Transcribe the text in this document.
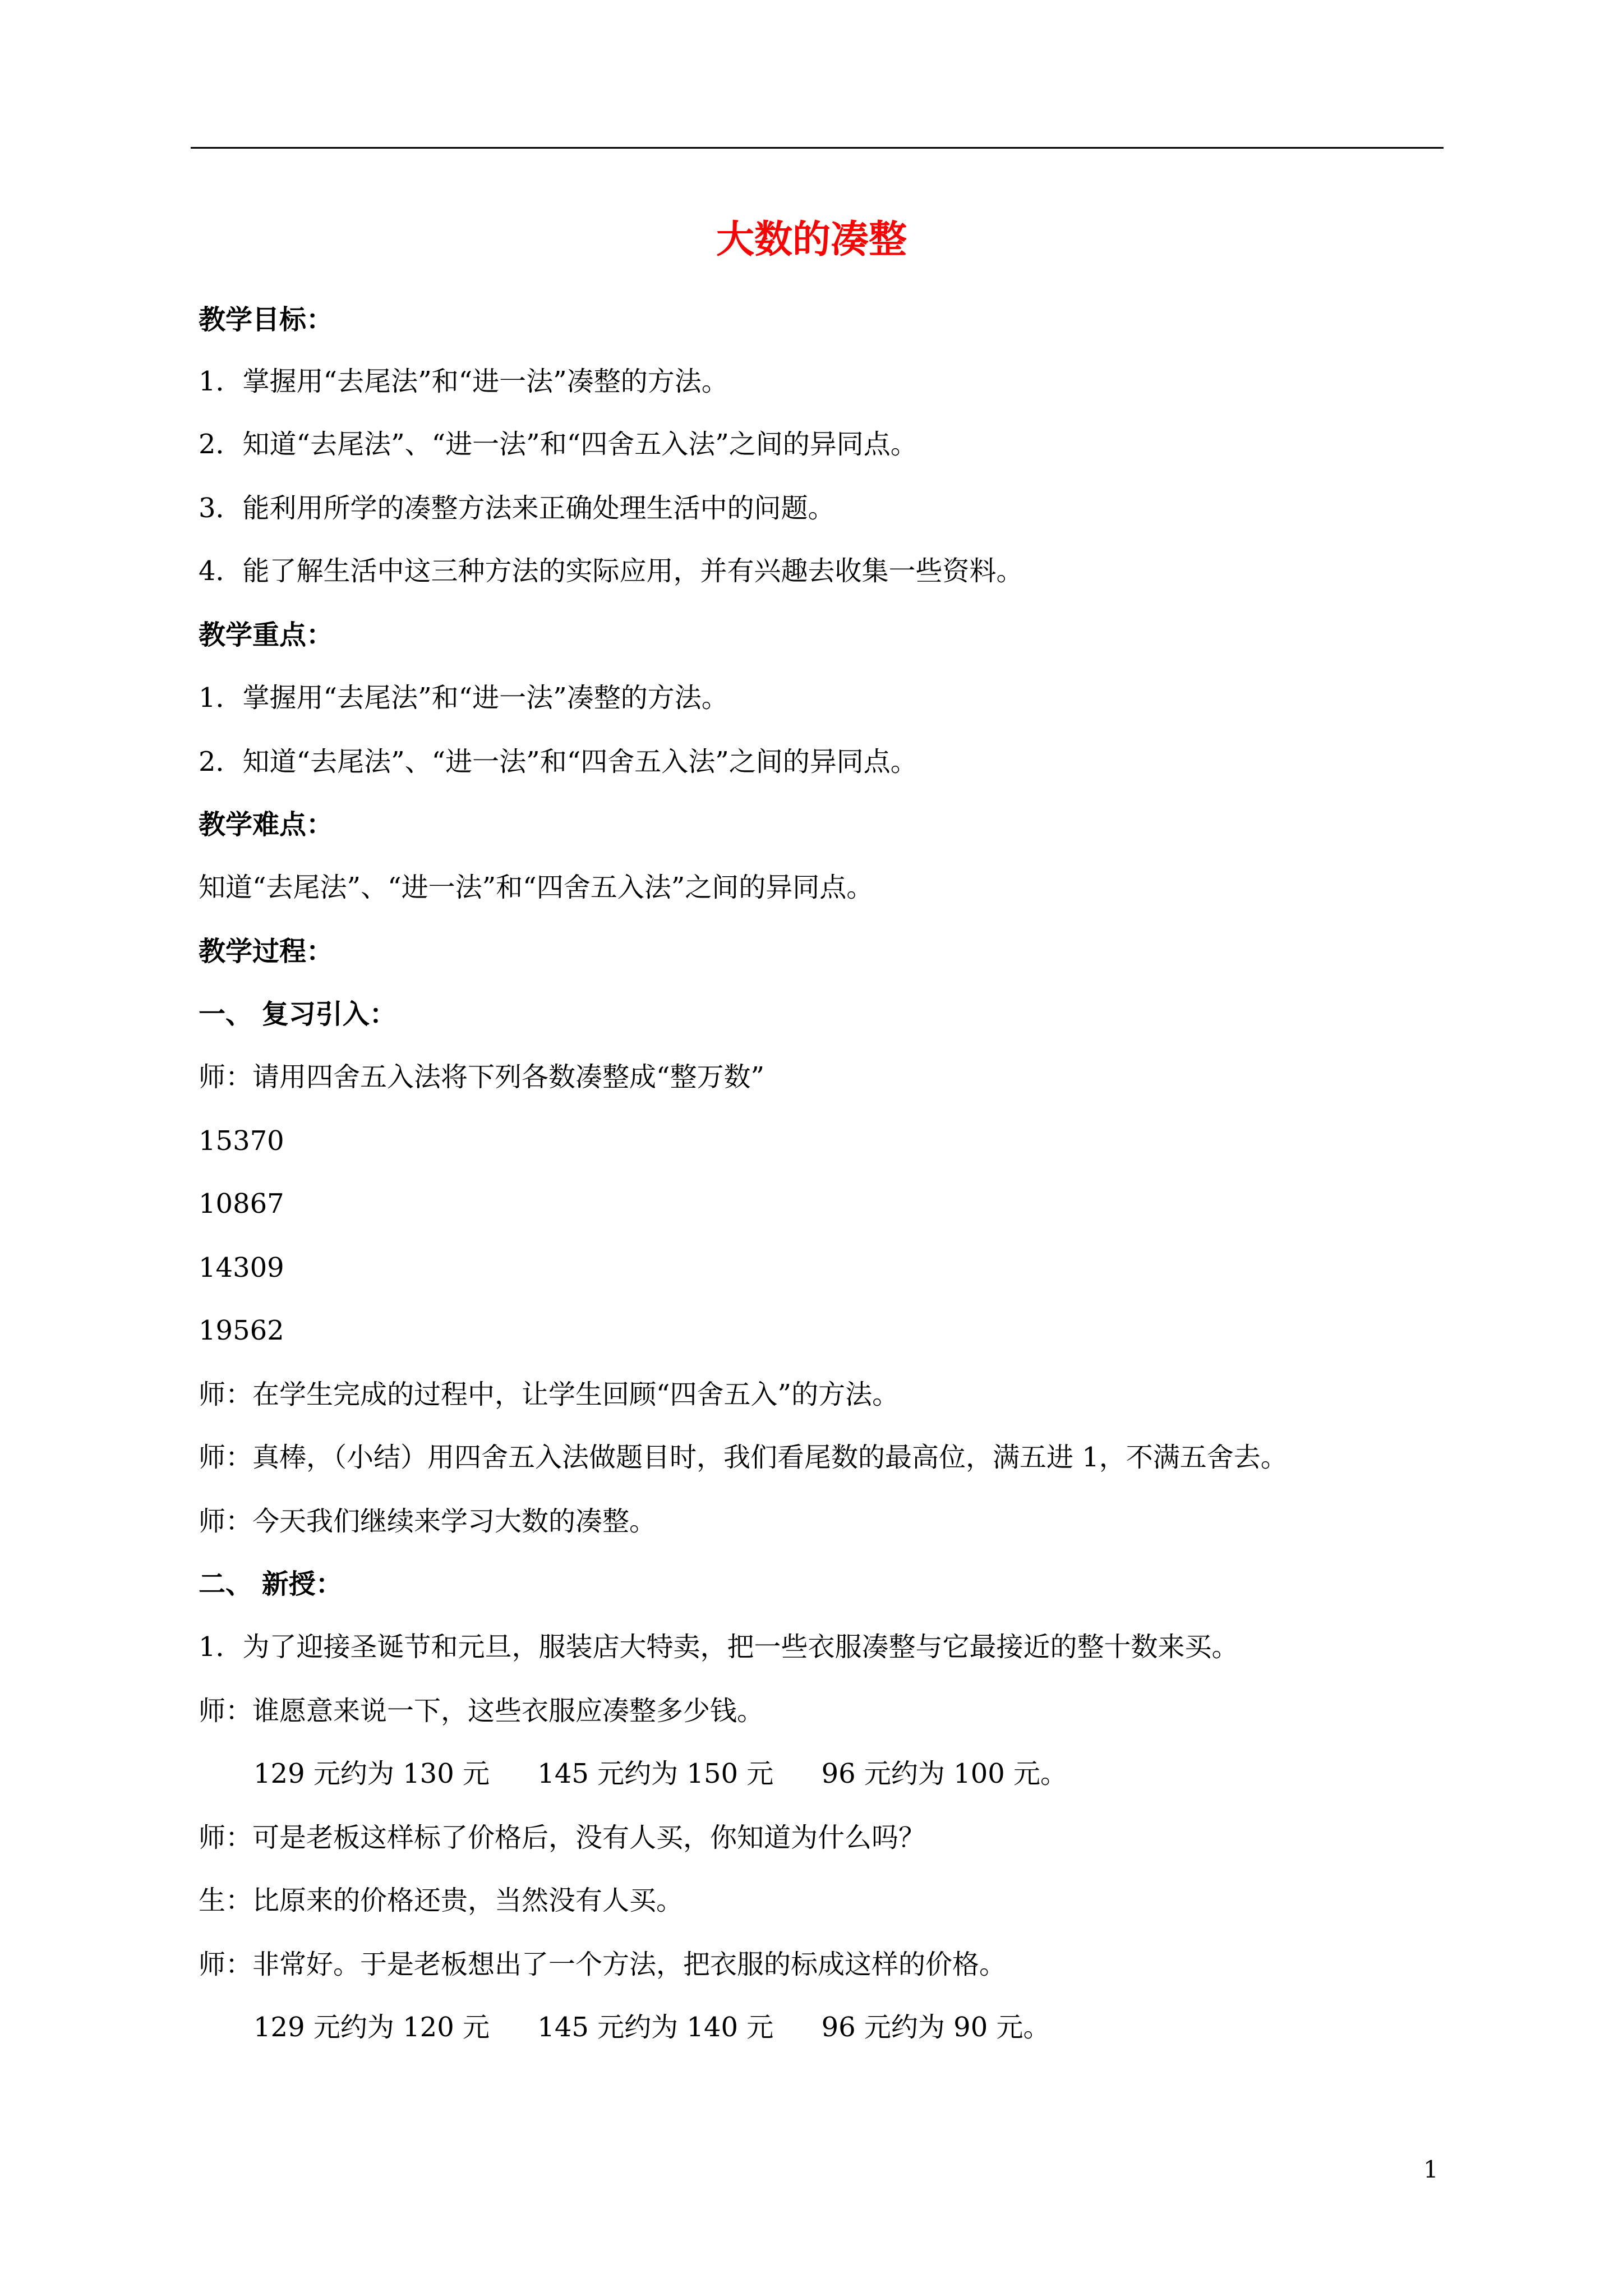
大数的凑整
教学目标：
1．掌握用“去尾法”和“进一法”凑整的方法。
2．知道“去尾法”、“进一法”和“四舍五入法”之间的异同点。
3．能利用所学的凑整方法来正确处理生活中的问题。
4．能了解生活中这三种方法的实际应用，并有兴趣去收集一些资料。
教学重点：
1．掌握用“去尾法”和“进一法”凑整的方法。
2．知道“去尾法”、“进一法”和“四舍五入法”之间的异同点。
教学难点：
知道“去尾法”、“进一法”和“四舍五入法”之间的异同点。
教学过程：
一、 复习引入：
师：请用四舍五入法将下列各数凑整成“整万数”
15370
10867
14309
19562
师：在学生完成的过程中，让学生回顾“四舍五入”的方法。
师：真棒，（小结）用四舍五入法做题目时，我们看尾数的最高位，满五进 1，不满五舍去。
师：今天我们继续来学习大数的凑整。
二、 新授：
1．为了迎接圣诞节和元旦，服装店大特卖，把一些衣服凑整与它最接近的整十数来买。
师：谁愿意来说一下，这些衣服应凑整多少钱。
129 元约为 130 元 145 元约为 150 元 96 元约为 100 元。
师：可是老板这样标了价格后，没有人买，你知道为什么吗？
生：比原来的价格还贵，当然没有人买。
师：非常好。于是老板想出了一个方法，把衣服的标成这样的价格。
129 元约为 120 元 145 元约为 140 元 96 元约为 90 元。
1
